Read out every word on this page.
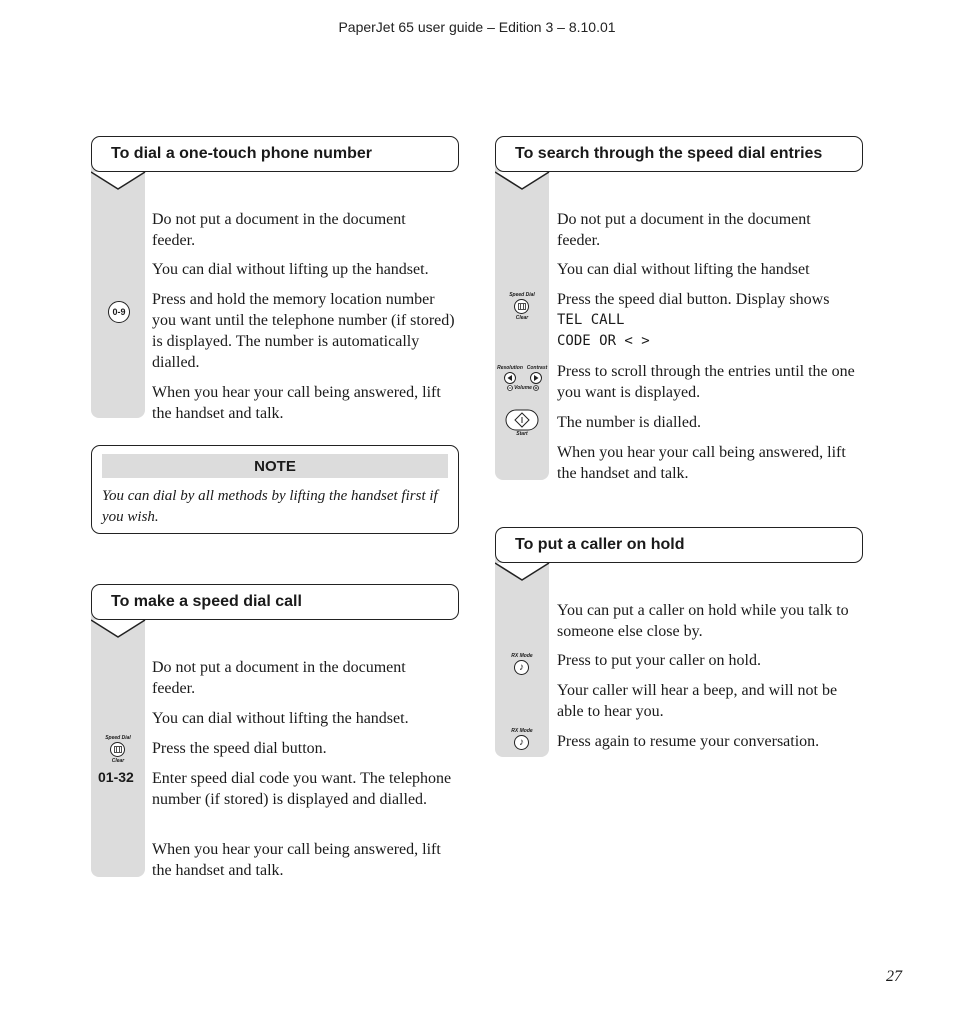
PaperJet 65 user guide – Edition 3 – 8.10.01
To dial a one-touch phone number
0-9
Do not put a document in the document feeder.
You can dial without lifting up the handset.
Press and hold the memory location number you want until the telephone number (if stored) is displayed. The number is automatically dialled.
When you hear your call being answered, lift the handset and talk.
NOTE
You can dial by all methods by lifting the handset first if you wish.
To make a speed dial call
Speed Dial
Clear
01-32
Do not put a document in the document feeder.
You can dial without lifting the handset.
Press the speed dial button.
Enter speed dial code you want. The telephone number (if stored) is displayed and dialled.
When you hear your call being answered, lift the handset and talk.
To search through the speed dial entries
Speed Dial
Clear
Resolution Contrast
Volume
Start
Do not put a document in the document feeder.
You can dial without lifting the handset
Press the speed dial button. Display shows
TEL CALL
CODE OR < >
Press to scroll through the entries until the one you want is displayed.
The number is dialled.
When you hear your call being answered, lift the handset and talk.
To put a caller on hold
RX Mode
♪
RX Mode
♪
You can put a caller on hold while you talk to someone else close by.
Press to put your caller on hold.
Your caller will hear a beep, and will not be able to hear you.
Press again to resume your conversation.
27
